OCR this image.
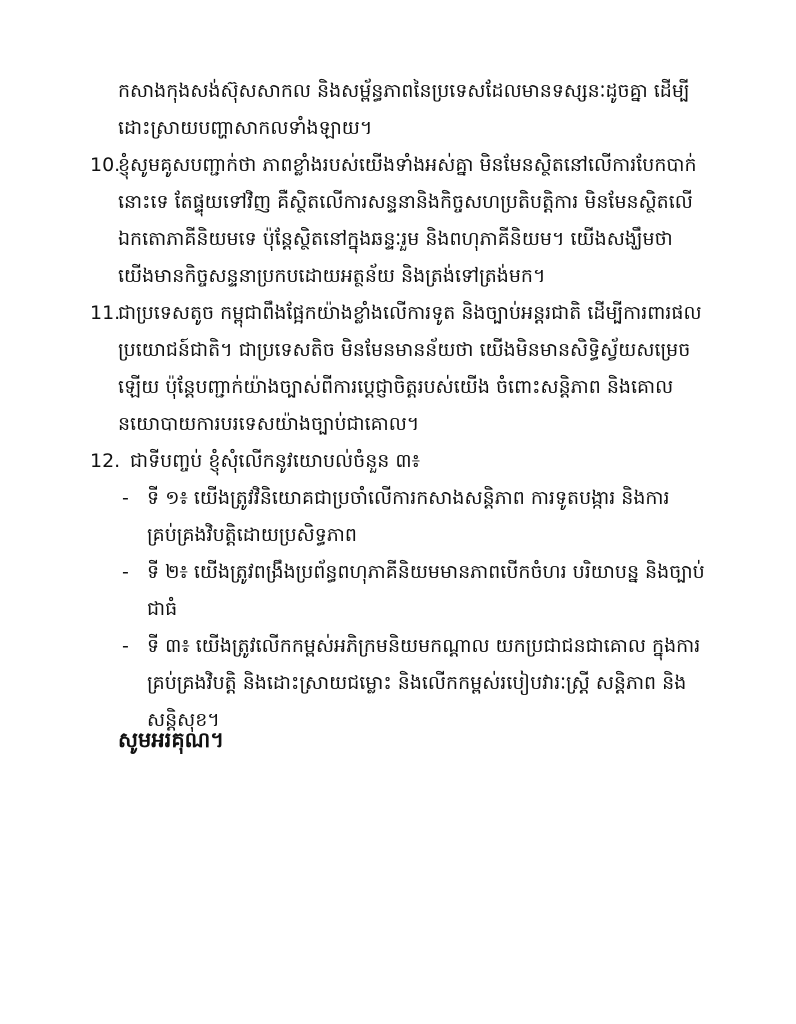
កសាងកុងសង់ស៊ុសសាកល និងសម្ព័ន្ធភាពនៃប្រទេសដែលមានទស្សនៈដូចគ្នា ដើម្បី
ដោះស្រាយបញ្ហាសាកលទាំងឡាយ។
10.
ខ្ញុំសូមគូសបញ្ជាក់ថា ភាពខ្លាំងរបស់យើងទាំងអស់គ្នា មិនមែនស្ថិតនៅលើការបែកបាក់
នោះទេ តែផ្ទុយទៅវិញ គឺស្ថិតលើការសន្ទនានិងកិច្ចសហប្រតិបត្តិការ មិនមែនស្ថិតលើ
ឯកតោភាគីនិយមទេ ប៉ុន្តែស្ថិតនៅក្នុងឆន្ទៈរួម និងពហុភាគីនិយម។ យើងសង្ឃឹមថា
យើងមានកិច្ចសន្ទនាប្រកបដោយអត្ថន័យ និងត្រង់ទៅត្រង់មក។
11.
ជាប្រទេសតូច កម្ពុជាពឹងផ្អែកយ៉ាងខ្លាំងលើការទូត និងច្បាប់អន្តរជាតិ ដើម្បីការពារផល
ប្រយោជន៍ជាតិ។ ជាប្រទេសតិច មិនមែនមានន័យថា យើងមិនមានសិទ្ធិស្វ័យសម្រេច
ឡើយ ប៉ុន្តែបញ្ជាក់យ៉ាងច្បាស់ពីការប្តេជ្ញាចិត្តរបស់យើង ចំពោះសន្តិភាព និងគោល
នយោបាយការបរទេសយ៉ាងច្បាប់ជាគោល។
12. ជាទីបញ្ចប់ ខ្ញុំសុំលើកនូវយោបល់ចំនួន ៣៖
- ទី ១៖ យើងត្រូវវិនិយោគជាប្រចាំលើការកសាងសន្តិភាព ការទូតបង្ការ និងការ
គ្រប់គ្រងវិបត្តិដោយប្រសិទ្ធភាព
- ទី ២៖ យើងត្រូវពង្រឹងប្រព័ន្ធពហុភាគីនិយមមានភាពបើកចំហរ បរិយាបន្ន និងច្បាប់
ជាធំ
- ទី ៣៖ យើងត្រូវលើកកម្ពស់អភិក្រមនិយមកណ្តាល យកប្រជាជនជាគោល ក្នុងការ
គ្រប់គ្រងវិបត្តិ និងដោះស្រាយជម្លោះ និងលើកកម្ពស់របៀបវារៈស្ត្រី សន្តិភាព និង
សន្តិសុខ។
សូមអរគុណ។
